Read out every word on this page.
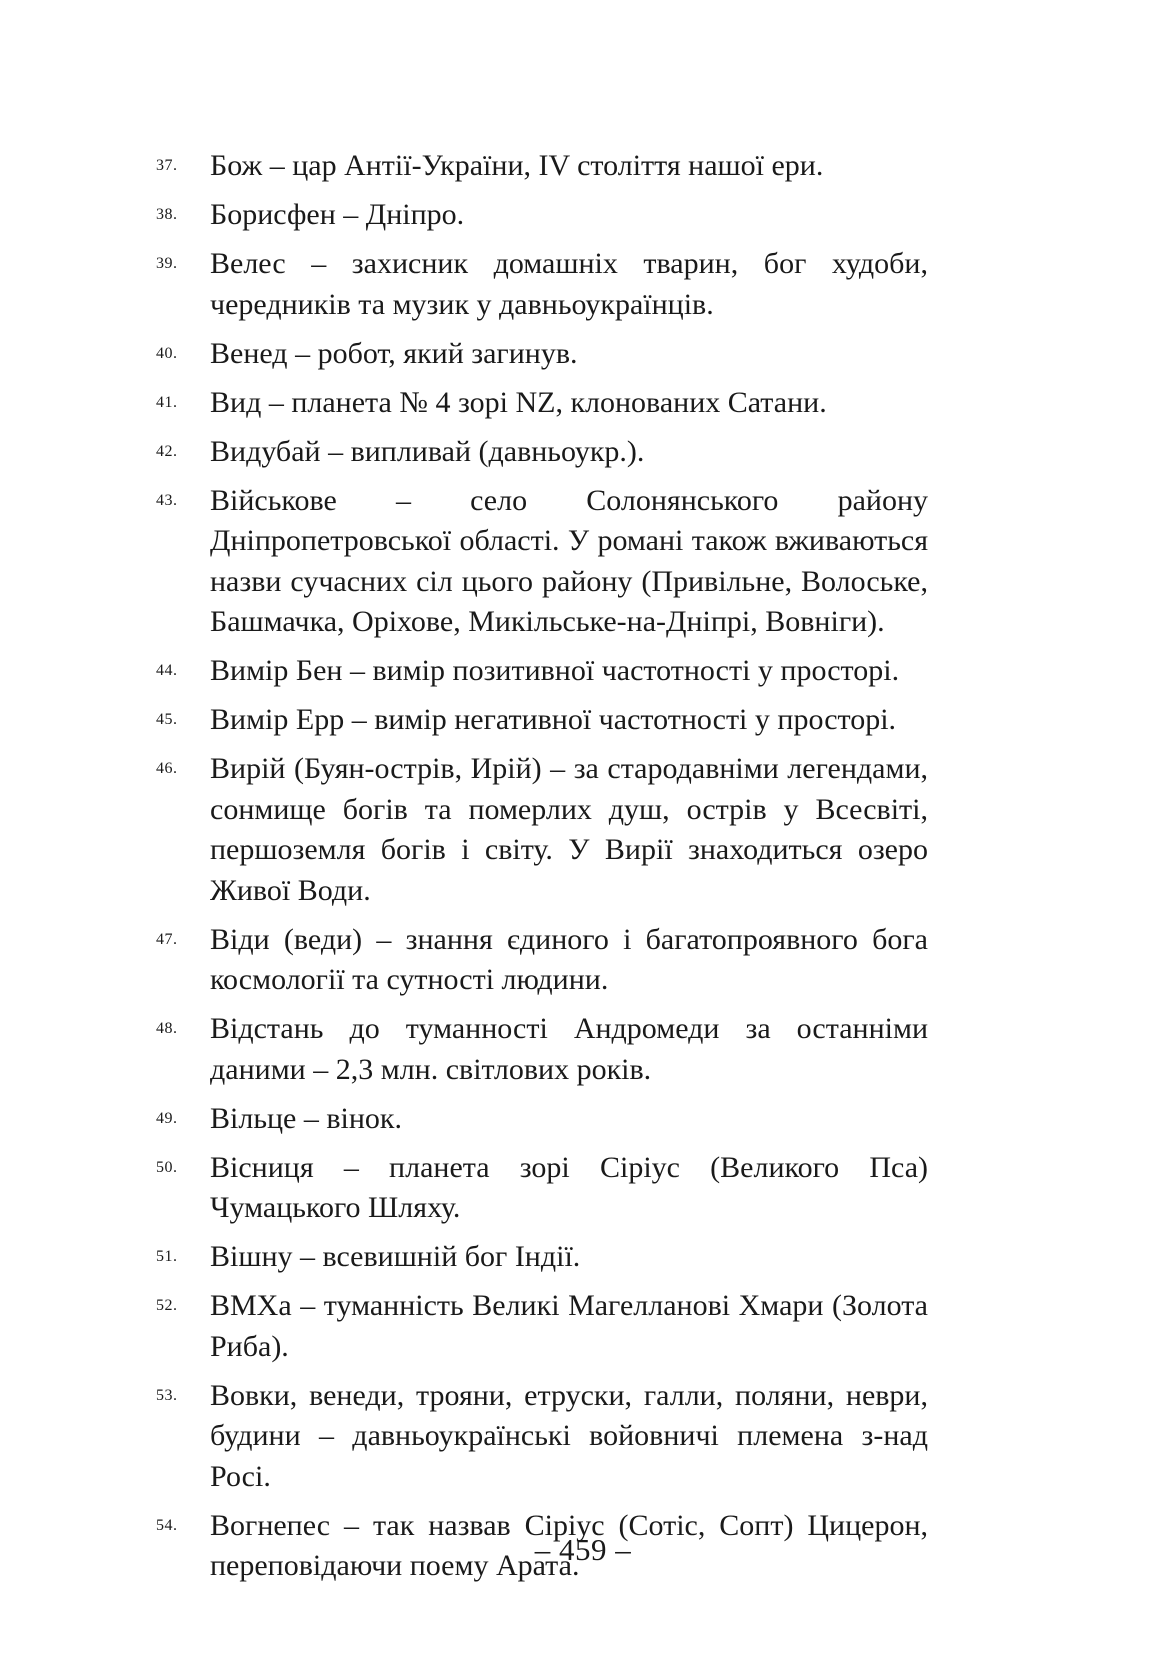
37. Бож – цар Антії-України, IV століття нашої ери.
38. Борисфен – Дніпро.
39. Велес – захисник домашніх тварин, бог худоби, чередників та музик у давньоукраїнців.
40. Венед – робот, який загинув.
41. Вид – планета № 4 зорі NZ, клонованих Сатани.
42. Видубай – випливай (давньоукр.).
43. Військове – село Солонянського району Дніпропетровської області. У романі також вживаються назви сучасних сіл цього району (Привільне, Волоське, Башмачка, Оріхове, Микільське-на-Дніпрі, Вовніги).
44. Вимір Бен – вимір позитивної частотності у просторі.
45. Вимір Ерр – вимір негативної частотності у просторі.
46. Вирій (Буян-острів, Ирій) – за стародавніми легендами, сонмище богів та померлих душ, острів у Всесвіті, першоземля богів і світу. У Вирії знаходиться озеро Живої Води.
47. Віди (веди) – знання єдиного і багатопроявного бога космології та сутності людини.
48. Відстань до туманності Андромеди за останніми даними – 2,3 млн. світлових років.
49. Вільце – вінок.
50. Вісниця – планета зорі Сіріус (Великого Пса) Чумацького Шляху.
51. Вішну – всевишній бог Індії.
52. ВМХа – туманність Великі Магелланові Хмари (Золота Риба).
53. Вовки, венеди, трояни, етруски, галли, поляни, неври, будини – давньоукраїнські войовничі племена з-над Росі.
54. Вогнепес – так назвав Сіріус (Сотіс, Сопт) Цицерон, переповідаючи поему Арата.
– 459 –
